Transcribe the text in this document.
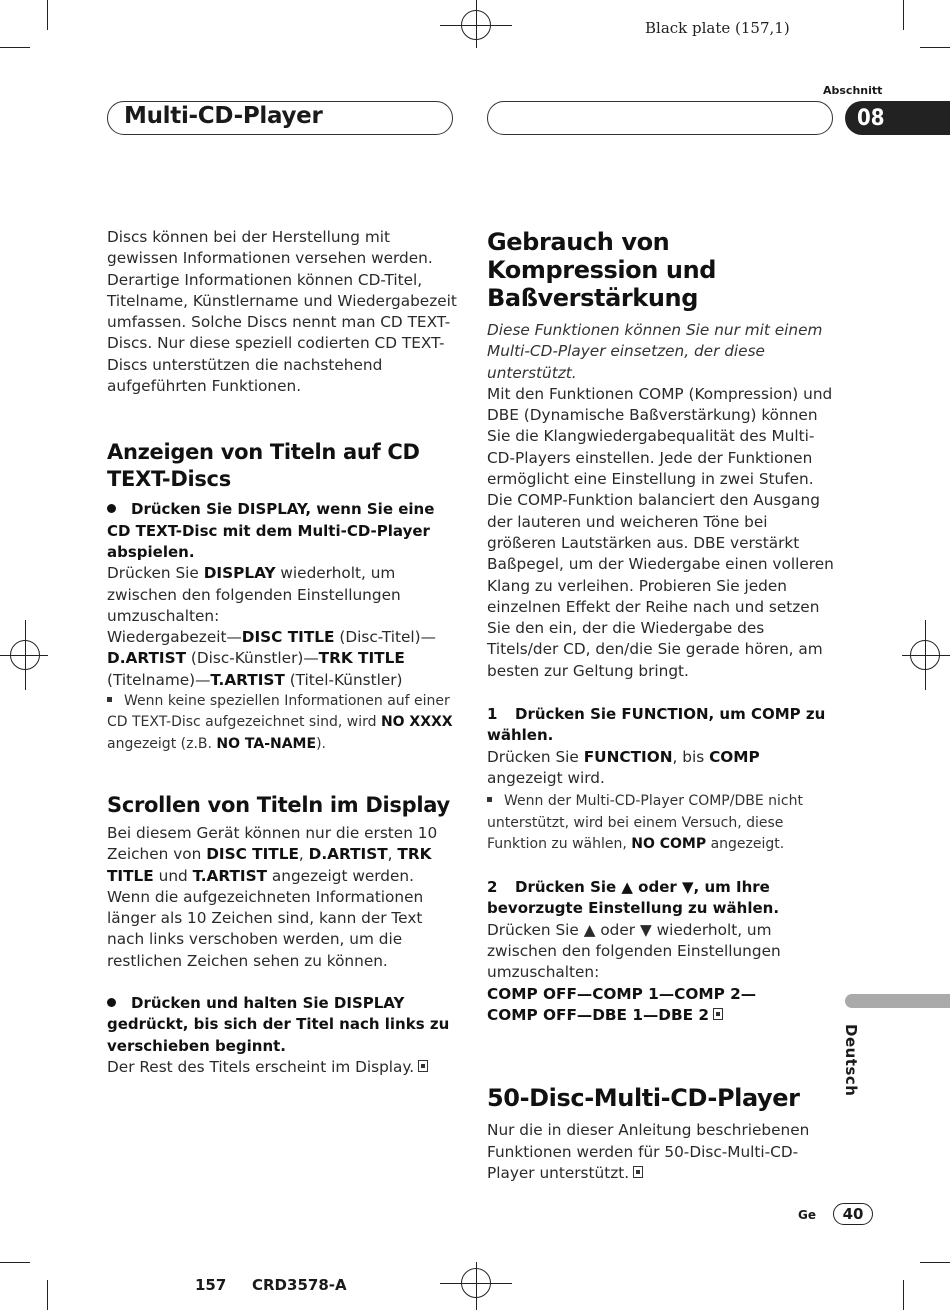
Black plate (157,1)
Multi-CD-Player
Abschnitt
08

Discs können bei der Herstellung mit gewissen Informationen versehen werden. Derartige Informationen können CD-Titel, Titelname, Künstlername und Wiedergabezeit umfassen. Solche Discs nennt man CD TEXT-Discs. Nur diese speziell codierten CD TEXT-Discs unterstützen die nachstehend aufgeführten Funktionen.

Anzeigen von Titeln auf CD TEXT-Discs

Drücken Sie DISPLAY, wenn Sie eine CD TEXT-Disc mit dem Multi-CD-Player abspielen.

Drücken Sie DISPLAY wiederholt, um zwischen den folgenden Einstellungen umzuschalten:

Wiedergabezeit—DISC TITLE (Disc-Titel)—D.ARTIST (Disc-Künstler)—TRK TITLE (Titelname)—T.ARTIST (Titel-Künstler)

Wenn keine speziellen Informationen auf einer CD TEXT-Disc aufgezeichnet sind, wird NO XXXX angezeigt (z.B. NO TA-NAME).

Scrollen von Titeln im Display

Bei diesem Gerät können nur die ersten 10 Zeichen von DISC TITLE, D.ARTIST, TRK TITLE und T.ARTIST angezeigt werden. Wenn die aufgezeichneten Informationen länger als 10 Zeichen sind, kann der Text nach links verschoben werden, um die restlichen Zeichen sehen zu können.

Drücken und halten Sie DISPLAY gedrückt, bis sich der Titel nach links zu verschieben beginnt.

Der Rest des Titels erscheint im Display.

Gebrauch von Kompression und Baßverstärkung

Diese Funktionen können Sie nur mit einem Multi-CD-Player einsetzen, der diese unterstützt.

Mit den Funktionen COMP (Kompression) und DBE (Dynamische Baßverstärkung) können Sie die Klangwiedergabequalität des Multi-CD-Players einstellen. Jede der Funktionen ermöglicht eine Einstellung in zwei Stufen. Die COMP-Funktion balanciert den Ausgang der lauteren und weicheren Töne bei größeren Lautstärken aus. DBE verstärkt Baßpegel, um der Wiedergabe einen volleren Klang zu verleihen. Probieren Sie jeden einzelnen Effekt der Reihe nach und setzen Sie den ein, der die Wiedergabe des Titels/der CD, den/die Sie gerade hören, am besten zur Geltung bringt.

1 Drücken Sie FUNCTION, um COMP zu wählen.

Drücken Sie FUNCTION, bis COMP angezeigt wird.

Wenn der Multi-CD-Player COMP/DBE nicht unterstützt, wird bei einem Versuch, diese Funktion zu wählen, NO COMP angezeigt.

2 Drücken Sie ▲ oder ▼, um Ihre bevorzugte Einstellung zu wählen.

Drücken Sie ▲ oder ▼ wiederholt, um zwischen den folgenden Einstellungen umzuschalten:

COMP OFF—COMP 1—COMP 2—
COMP OFF—DBE 1—DBE 2

50-Disc-Multi-CD-Player

Nur die in dieser Anleitung beschriebenen Funktionen werden für 50-Disc-Multi-CD-Player unterstützt.

Deutsch
Ge	40
157 CRD3578-A
